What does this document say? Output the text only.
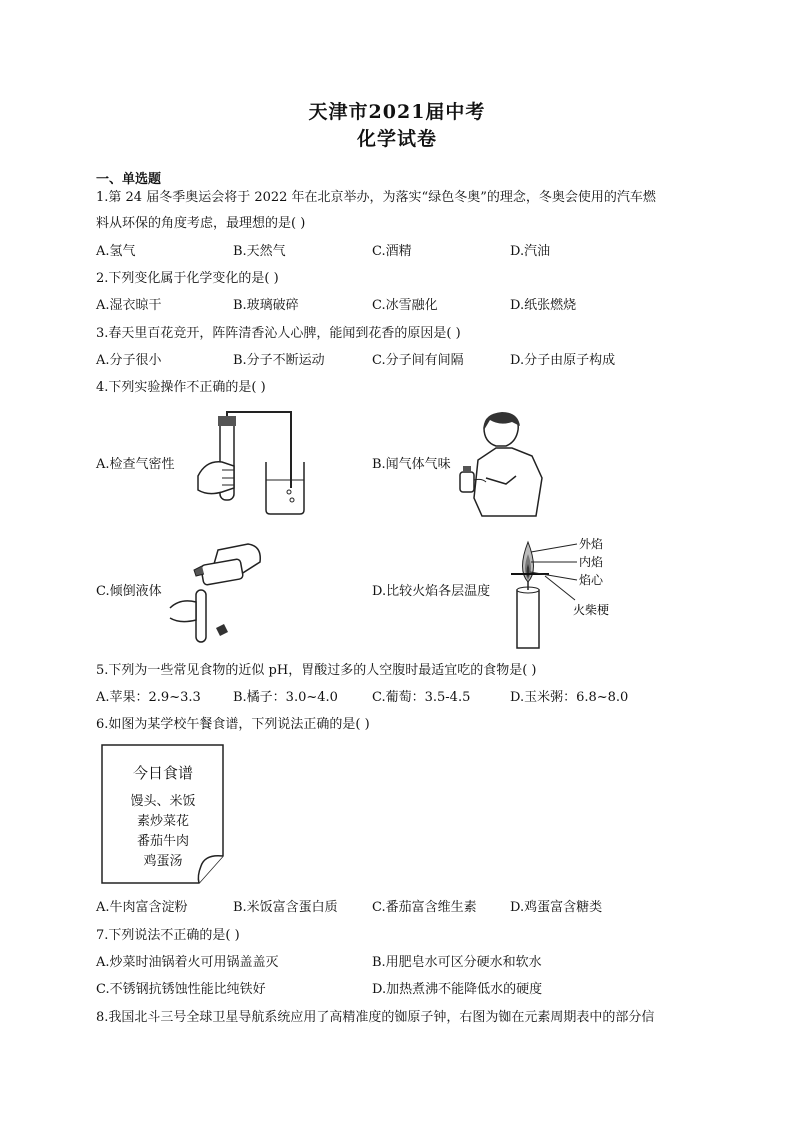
天津市2021届中考
化学试卷
一、单选题
1.第 24 届冬季奥运会将于 2022 年在北京举办，为落实“绿色冬奥”的理念，冬奥会使用的汽车燃
料从环保的角度考虑，最理想的是( )
A.氢气	B.天然气	C.酒精	D.汽油
2.下列变化属于化学变化的是( )
A.湿衣晾干	B.玻璃破碎	C.冰雪融化	D.纸张燃烧
3.春天里百花竞开，阵阵清香沁人心脾，能闻到花香的原因是( )
A.分子很小	B.分子不断运动	C.分子间有间隔	D.分子由原子构成
4.下列实验操作不正确的是( )
A.检查气密性	B.闻气体气味
C.倾倒液体
外焰
内焰
焰心
火柴梗
D.比较火焰各层温度
5.下列为一些常见食物的近似 pH，胃酸过多的人空腹时最适宜吃的食物是( )
A.苹果：2.9~3.3 B.橘子：3.0~4.0	C.葡萄：3.5-4.5	D.玉米粥：6.8~8.0
6.如图为某学校午餐食谱，下列说法正确的是( )
今日食谱
馒头、米饭
素炒菜花
番茄牛肉
鸡蛋汤
A.牛肉富含淀粉	B.米饭富含蛋白质	C.番茄富含维生素	D.鸡蛋富含糖类
7.下列说法不正确的是( )
A.炒菜时油锅着火可用锅盖盖灭	B.用肥皂水可区分硬水和软水
C.不锈钢抗锈蚀性能比纯铁好	D.加热煮沸不能降低水的硬度
8.我国北斗三号全球卫星导航系统应用了高精准度的铷原子钟，右图为铷在元素周期表中的部分信
